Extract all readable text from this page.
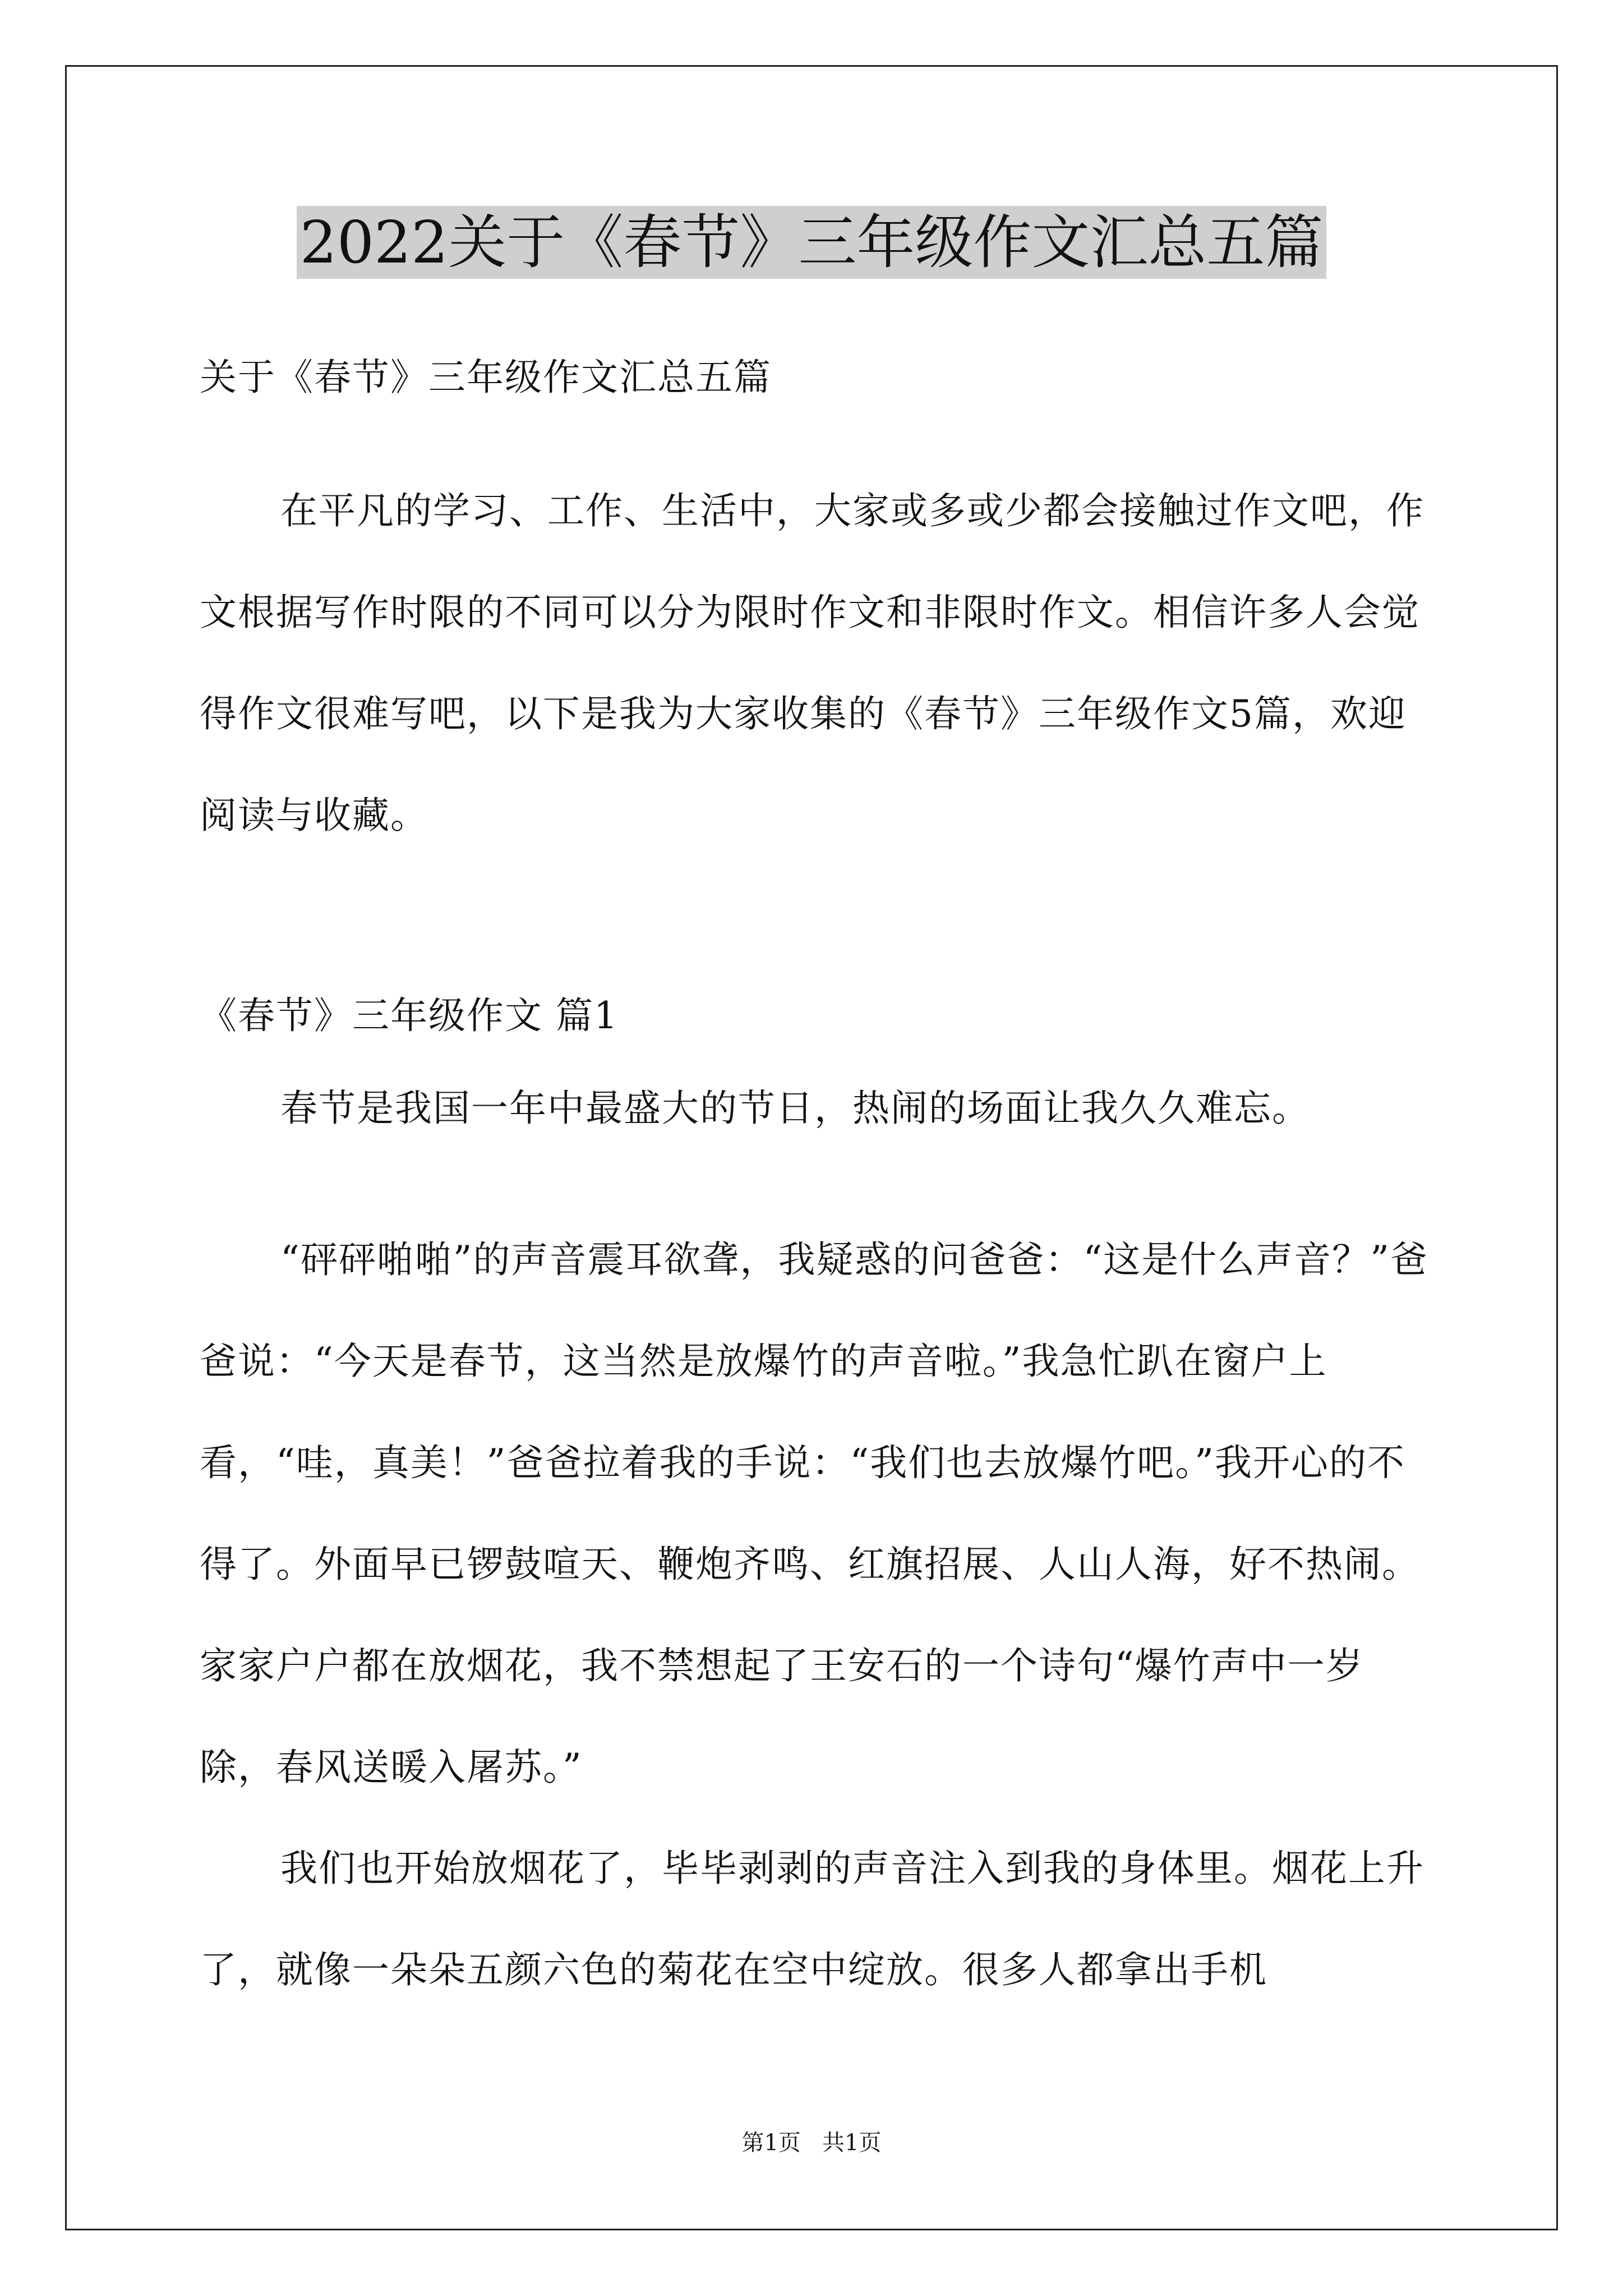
2022关于《春节》三年级作文汇总五篇

关于《春节》三年级作文汇总五篇

在平凡的学习、工作、生活中，大家或多或少都会接触过作文吧，作文根据写作时限的不同可以分为限时作文和非限时作文。相信许多人会觉得作文很难写吧，以下是我为大家收集的《春节》三年级作文5篇，欢迎阅读与收藏。

《春节》三年级作文 篇1

春节是我国一年中最盛大的节日，热闹的场面让我久久难忘。

“砰砰啪啪”的声音震耳欲聋，我疑惑的问爸爸：“这是什么声音？”爸爸说：“今天是春节，这当然是放爆竹的声音啦。”我急忙趴在窗户上看，“哇，真美！”爸爸拉着我的手说：“我们也去放爆竹吧。”我开心的不得了。外面早已锣鼓喧天、鞭炮齐鸣、红旗招展、人山人海，好不热闹。家家户户都在放烟花，我不禁想起了王安石的一个诗句“爆竹声中一岁除，春风送暖入屠苏。”

我们也开始放烟花了，毕毕剥剥的声音注入到我的身体里。烟花上升了，就像一朵朵五颜六色的菊花在空中绽放。很多人都拿出手机

第1页   共1页
